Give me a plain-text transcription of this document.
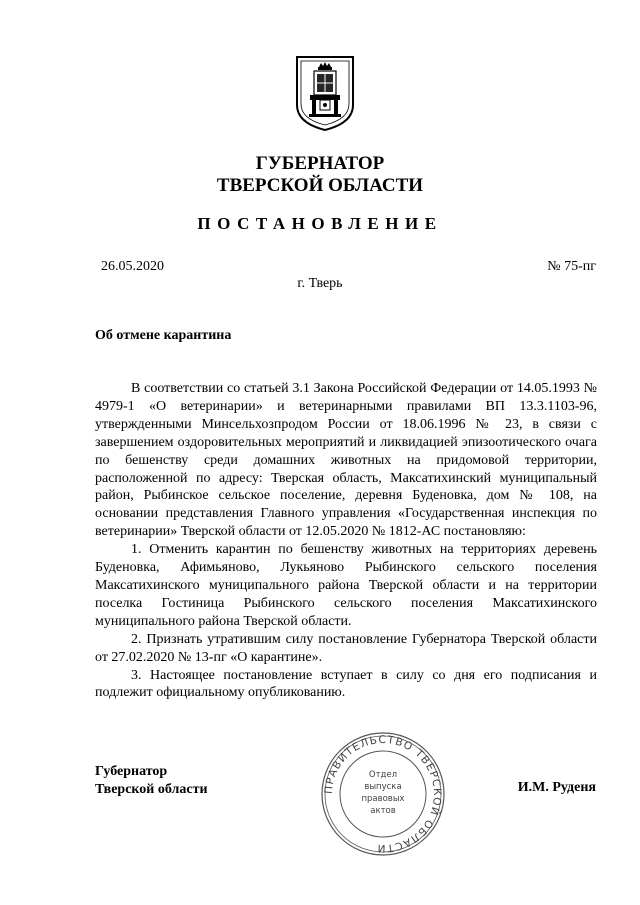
ГУБЕРНАТОР
ТВЕРСКОЙ ОБЛАСТИ
ПОСТАНОВЛЕНИЕ
26.05.2020	№ 75-пг
г. Тверь
Об отмене карантина

В соответствии со статьей 3.1 Закона Российской Федерации от 14.05.1993 № 4979-1 «О ветеринарии» и ветеринарными правилами ВП 13.3.1103-96, утвержденными Минсельхозпродом России от 18.06.1996 № 23, в связи с завершением оздоровительных мероприятий и ликвидацией эпизоотического очага по бешенству среди домашних животных на придомовой территории, расположенной по адресу: Тверская область, Максатихинский муниципальный район, Рыбинское сельское поселение, деревня Буденовка, дом № 108, на основании представления Главного управления «Государственная инспекция по ветеринарии» Тверской области от 12.05.2020 № 1812-АС постановляю:

1. Отменить карантин по бешенству животных на территориях деревень Буденовка, Афимьяново, Лукьяново Рыбинского сельского поселения Максатихинского муниципального района Тверской области и на территории поселка Гостиница Рыбинского сельского поселения Максатихинского муниципального района Тверской области.

2. Признать утратившим силу постановление Губернатора Тверской области от 27.02.2020 № 13-пг «О карантине».

3. Настоящее постановление вступает в силу со дня его подписания и подлежит официальному опубликованию.

Губернатор
Тверской области	И.М. Руденя
ПРАВИТЕЛЬСТВО ТВЕРСКОЙ ОБЛАСТИ
Отдел
выпуска
правовых
актов
